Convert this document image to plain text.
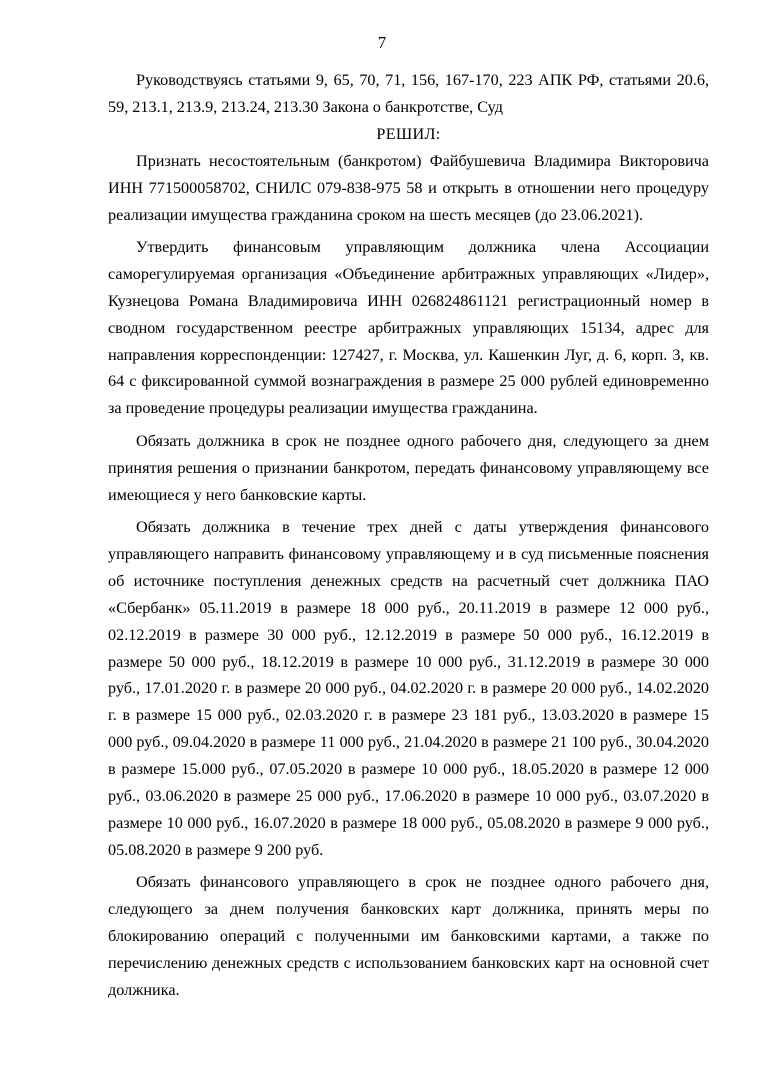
7

Руководствуясь статьями 9, 65, 70, 71, 156, 167-170, 223 АПК РФ, статьями 20.6, 59, 213.1, 213.9, 213.24, 213.30 Закона о банкротстве, Суд

РЕШИЛ:

Признать несостоятельным (банкротом) Файбушевича Владимира Викторовича ИНН 771500058702, СНИЛС 079-838-975 58 и открыть в отношении него процедуру реализации имущества гражданина сроком на шесть месяцев (до 23.06.2021).

Утвердить финансовым управляющим должника члена Ассоциации саморегулируемая организация «Объединение арбитражных управляющих «Лидер», Кузнецова Романа Владимировича ИНН 026824861121 регистрационный номер в сводном государственном реестре арбитражных управляющих 15134, адрес для направления корреспонденции: 127427, г. Москва, ул. Кашенкин Луг, д. 6, корп. 3, кв. 64 с фиксированной суммой вознаграждения в размере 25 000 рублей единовременно за проведение процедуры реализации имущества гражданина.

Обязать должника в срок не позднее одного рабочего дня, следующего за днем принятия решения о признании банкротом, передать финансовому управляющему все имеющиеся у него банковские карты.

Обязать должника в течение трех дней с даты утверждения финансового управляющего направить финансовому управляющему и в суд письменные пояснения об источнике поступления денежных средств на расчетный счет должника ПАО «Сбербанк» 05.11.2019 в размере 18 000 руб., 20.11.2019 в размере 12 000 руб., 02.12.2019 в размере 30 000 руб., 12.12.2019 в размере 50 000 руб., 16.12.2019 в размере 50 000 руб., 18.12.2019 в размере 10 000 руб., 31.12.2019 в размере 30 000 руб., 17.01.2020 г. в размере 20 000 руб., 04.02.2020 г. в размере 20 000 руб., 14.02.2020 г. в размере 15 000 руб., 02.03.2020 г. в размере 23 181 руб., 13.03.2020 в размере 15 000 руб., 09.04.2020 в размере 11 000 руб., 21.04.2020 в размере 21 100 руб., 30.04.2020 в размере 15.000 руб., 07.05.2020 в размере 10 000 руб., 18.05.2020 в размере 12 000 руб., 03.06.2020 в размере 25 000 руб., 17.06.2020 в размере 10 000 руб., 03.07.2020 в размере 10 000 руб., 16.07.2020 в размере 18 000 руб., 05.08.2020 в размере 9 000 руб., 05.08.2020 в размере 9 200 руб.

Обязать финансового управляющего в срок не позднее одного рабочего дня, следующего за днем получения банковских карт должника, принять меры по блокированию операций с полученными им банковскими картами, а также по перечислению денежных средств с использованием банковских карт на основной счет должника.
